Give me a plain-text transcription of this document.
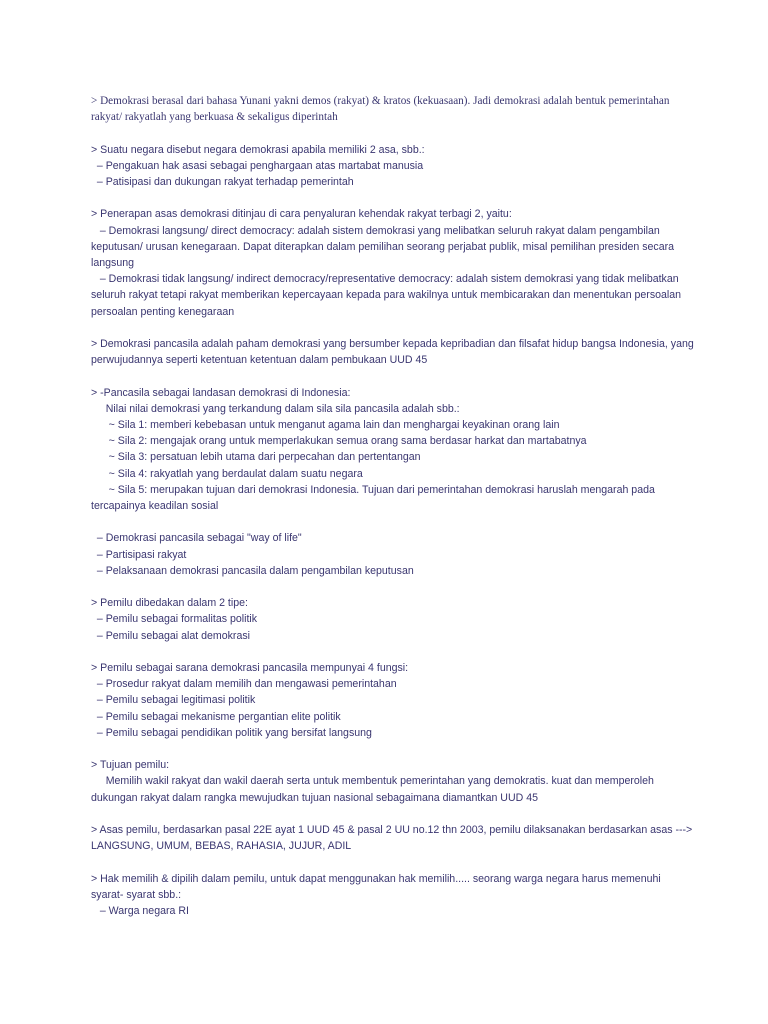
> Demokrasi berasal dari bahasa Yunani yakni demos (rakyat) & kratos (kekuasaan). Jadi demokrasi adalah bentuk pemerintahan
rakyat/ rakyatlah yang berkuasa & sekaligus diperintah
> Suatu negara disebut negara demokrasi apabila memiliki 2 asa, sbb.:
– Pengakuan hak asasi sebagai penghargaan atas martabat manusia
– Patisipasi dan dukungan rakyat terhadap pemerintah
> Penerapan asas demokrasi ditinjau di cara penyaluran kehendak rakyat terbagi 2, yaitu:
– Demokrasi langsung/ direct democracy: adalah sistem demokrasi yang melibatkan seluruh rakyat dalam pengambilan
keputusan/ urusan kenegaraan. Dapat diterapkan dalam pemilihan seorang perjabat publik, misal pemilihan presiden secara
langsung
– Demokrasi tidak langsung/ indirect democracy/representative democracy: adalah sistem demokrasi yang tidak melibatkan
seluruh rakyat tetapi rakyat memberikan kepercayaan kepada para wakilnya untuk membicarakan dan menentukan persoalan
persoalan penting kenegaraan
> Demokrasi pancasila adalah paham demokrasi yang bersumber kepada kepribadian dan filsafat hidup bangsa Indonesia, yang
perwujudannya seperti ketentuan ketentuan dalam pembukaan UUD 45
> -Pancasila sebagai landasan demokrasi di Indonesia:
Nilai nilai demokrasi yang terkandung dalam sila sila pancasila adalah sbb.:
~ Sila 1: memberi kebebasan untuk menganut agama lain dan menghargai keyakinan orang lain
~ Sila 2: mengajak orang untuk memperlakukan semua orang sama berdasar harkat dan martabatnya
~ Sila 3: persatuan lebih utama dari perpecahan dan pertentangan
~ Sila 4: rakyatlah yang berdaulat dalam suatu negara
~ Sila 5: merupakan tujuan dari demokrasi Indonesia. Tujuan dari pemerintahan demokrasi haruslah mengarah pada
tercapainya keadilan sosial
– Demokrasi pancasila sebagai "way of life"
– Partisipasi rakyat
– Pelaksanaan demokrasi pancasila dalam pengambilan keputusan
> Pemilu dibedakan dalam 2 tipe:
– Pemilu sebagai formalitas politik
– Pemilu sebagai alat demokrasi
> Pemilu sebagai sarana demokrasi pancasila mempunyai 4 fungsi:
– Prosedur rakyat dalam memilih dan mengawasi pemerintahan
– Pemilu sebagai legitimasi politik
– Pemilu sebagai mekanisme pergantian elite politik
– Pemilu sebagai pendidikan politik yang bersifat langsung
> Tujuan pemilu:
Memilih wakil rakyat dan wakil daerah serta untuk membentuk pemerintahan yang demokratis. kuat dan memperoleh
dukungan rakyat dalam rangka mewujudkan tujuan nasional sebagaimana diamantkan UUD 45
> Asas pemilu, berdasarkan pasal 22E ayat 1 UUD 45 & pasal 2 UU no.12 thn 2003, pemilu dilaksanakan berdasarkan asas --->
LANGSUNG, UMUM, BEBAS, RAHASIA, JUJUR, ADIL
> Hak memilih & dipilih dalam pemilu, untuk dapat menggunakan hak memilih..... seorang warga negara harus memenuhi
syarat- syarat sbb.:
– Warga negara RI
